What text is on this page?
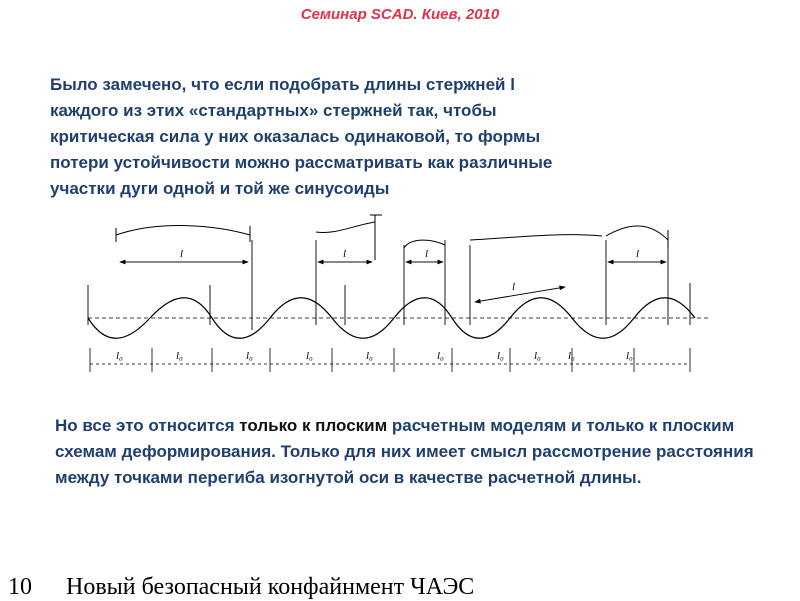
Семинар SCAD. Киев, 2010
Было замечено, что если подобрать длины стержней l
каждого из этих «стандартных» стержней так, чтобы
критическая сила у них оказалась одинаковой, то формы
потери устойчивости можно рассматривать как различные
участки дуги одной и той же синусоиды
l	l	l
l
l
l₀	l₀	l₀	l₀	l₀	l₀	l₀	l₀ l₀	l₀
Но все это относится только к плоским расчетным моделям и только к плоским схемам деформирования. Только для них имеет смысл рассмотрение расстояния между точками перегиба изогнутой оси в качестве расчетной длины.
10 Новый безопасный конфайнмент ЧАЭС
